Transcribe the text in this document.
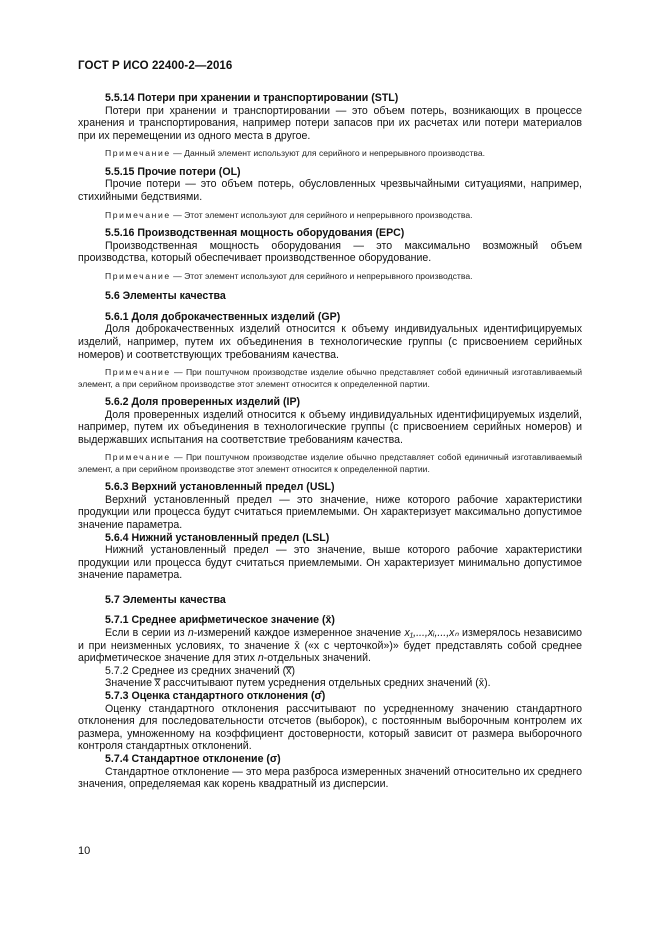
ГОСТ Р ИСО 22400-2—2016

5.5.14 Потери при хранении и транспортировании (STL)

Потери при хранении и транспортировании — это объем потерь, возникающих в процессе хранения и транспортирования, например потери запасов при их расчетах или потери материалов при их перемещении из одного места в другое.

Примечание — Данный элемент используют для серийного и непрерывного производства.

5.5.15 Прочие потери (OL)

Прочие потери — это объем потерь, обусловленных чрезвычайными ситуациями, например, стихийными бедствиями.

Примечание — Этот элемент используют для серийного и непрерывного производства.

5.5.16 Производственная мощность оборудования (EPC)

Производственная мощность оборудования — это максимально возможный объем производства, который обеспечивает производственное оборудование.

Примечание — Этот элемент используют для серийного и непрерывного производства.

5.6 Элементы качества

5.6.1 Доля доброкачественных изделий (GP)

Доля доброкачественных изделий относится к объему индивидуальных идентифицируемых изделий, например, путем их объединения в технологические группы (с присвоением серийных номеров) и соответствующих требованиям качества.

Примечание — При поштучном производстве изделие обычно представляет собой единичный изготавливаемый элемент, а при серийном производстве этот элемент относится к определенной партии.

5.6.2 Доля проверенных изделий (IP)

Доля проверенных изделий относится к объему индивидуальных идентифицируемых изделий, например, путем их объединения в технологические группы (с присвоением серийных номеров) и выдержавших испытания на соответствие требованиям качества.

Примечание — При поштучном производстве изделие обычно представляет собой единичный изготавливаемый элемент, а при серийном производстве этот элемент относится к определенной партии.

5.6.3 Верхний установленный предел (USL)

Верхний установленный предел — это значение, ниже которого рабочие характеристики продукции или процесса будут считаться приемлемыми. Он характеризует максимально допустимое значение параметра.

5.6.4 Нижний установленный предел (LSL)

Нижний установленный предел — это значение, выше которого рабочие характеристики продукции или процесса будут считаться приемлемыми. Он характеризует минимально допустимое значение параметра.

5.7 Элементы качества

5.7.1 Среднее арифметическое значение (x̄)

Если в серии из n-измерений каждое измеренное значение x₁,...,xᵢ,...,xₙ измерялось независимо и при неизменных условиях, то значение x̄ («х с черточкой»)» будет представлять собой среднее арифметическое значение для этих n-отдельных значений.

5.7.2 Среднее из средних значений (x̿)

Значение x̿ рассчитывают путем усреднения отдельных средних значений (x̄).

5.7.3 Оценка стандартного отклонения (σ̂)

Оценку стандартного отклонения рассчитывают по усредненному значению стандартного отклонения для последовательности отсчетов (выборок), с постоянным выборочным контролем их размера, умноженному на коэффициент достоверности, который зависит от размера выборочного контроля стандартных отклонений.

5.7.4 Стандартное отклонение (σ)

Стандартное отклонение — это мера разброса измеренных значений относительно их среднего значения, определяемая как корень квадратный из дисперсии.

10
